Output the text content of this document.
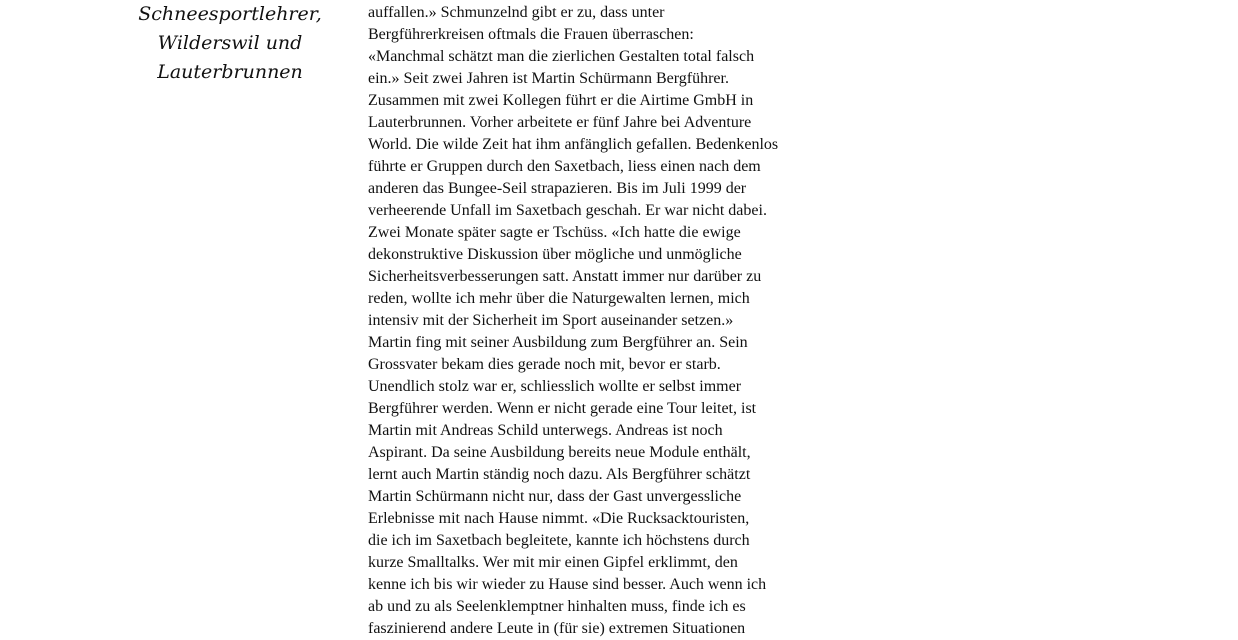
Schneesportlehrer,
Wilderswil und
Lauterbrunnen
auffallen.» Schmunzelnd gibt er zu, dass unter
Bergführerkreisen oftmals die Frauen überraschen:
«Manchmal schätzt man die zierlichen Gestalten total falsch
ein.» Seit zwei Jahren ist Martin Schürmann Bergführer.
Zusammen mit zwei Kollegen führt er die Airtime GmbH in
Lauterbrunnen. Vorher arbeitete er fünf Jahre bei Adventure
World. Die wilde Zeit hat ihm anfänglich gefallen. Bedenkenlos
führte er Gruppen durch den Saxetbach, liess einen nach dem
anderen das Bungee-Seil strapazieren. Bis im Juli 1999 der
verheerende Unfall im Saxetbach geschah. Er war nicht dabei.
Zwei Monate später sagte er Tschüss. «Ich hatte die ewige
dekonstruktive Diskussion über mögliche und unmögliche
Sicherheitsverbesserungen satt. Anstatt immer nur darüber zu
reden, wollte ich mehr über die Naturgewalten lernen, mich
intensiv mit der Sicherheit im Sport auseinander setzen.»
Martin fing mit seiner Ausbildung zum Bergführer an. Sein
Grossvater bekam dies gerade noch mit, bevor er starb.
Unendlich stolz war er, schliesslich wollte er selbst immer
Bergführer werden. Wenn er nicht gerade eine Tour leitet, ist
Martin mit Andreas Schild unterwegs. Andreas ist noch
Aspirant. Da seine Ausbildung bereits neue Module enthält,
lernt auch Martin ständig noch dazu. Als Bergführer schätzt
Martin Schürmann nicht nur, dass der Gast unvergessliche
Erlebnisse mit nach Hause nimmt. «Die Rucksacktouristen,
die ich im Saxetbach begleitete, kannte ich höchstens durch
kurze Smalltalks. Wer mit mir einen Gipfel erklimmt, den
kenne ich bis wir wieder zu Hause sind besser. Auch wenn ich
ab und zu als Seelenklemptner hinhalten muss, finde ich es
faszinierend andere Leute in (für sie) extremen Situationen
